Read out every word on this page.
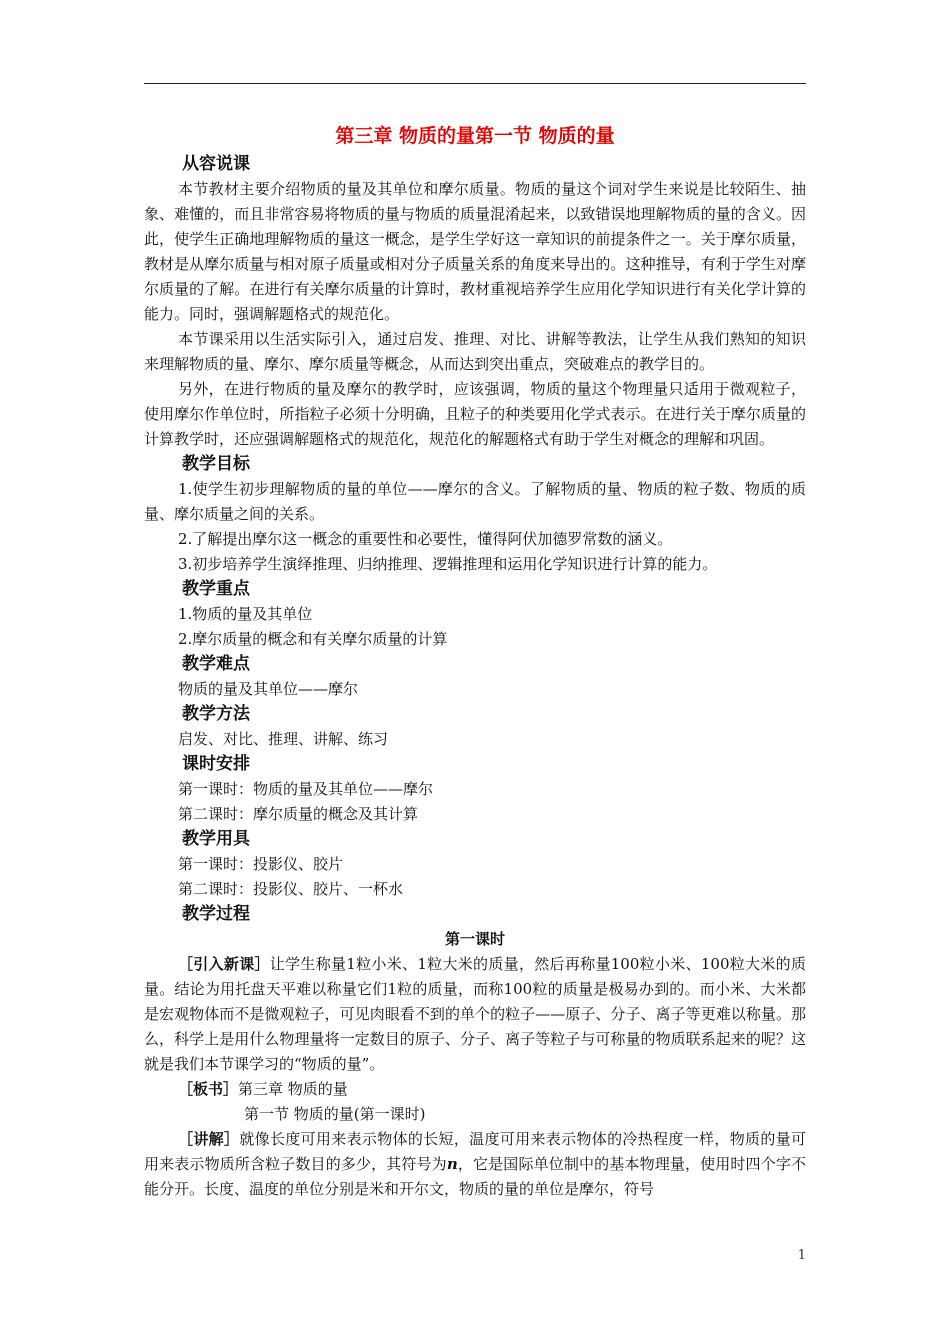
第三章 物质的量第一节 物质的量

从容说课

本节教材主要介绍物质的量及其单位和摩尔质量。物质的量这个词对学生来说是比较陌生、抽象、难懂的，而且非常容易将物质的量与物质的质量混淆起来，以致错误地理解物质的量的含义。因此，使学生正确地理解物质的量这一概念，是学生学好这一章知识的前提条件之一。关于摩尔质量，教材是从摩尔质量与相对原子质量或相对分子质量关系的角度来导出的。这种推导，有利于学生对摩尔质量的了解。在进行有关摩尔质量的计算时，教材重视培养学生应用化学知识进行有关化学计算的能力。同时，强调解题格式的规范化。

本节课采用以生活实际引入，通过启发、推理、对比、讲解等教法，让学生从我们熟知的知识来理解物质的量、摩尔、摩尔质量等概念，从而达到突出重点，突破难点的教学目的。

另外，在进行物质的量及摩尔的教学时，应该强调，物质的量这个物理量只适用于微观粒子，使用摩尔作单位时，所指粒子必须十分明确，且粒子的种类要用化学式表示。在进行关于摩尔质量的计算教学时，还应强调解题格式的规范化，规范化的解题格式有助于学生对概念的理解和巩固。

教学目标

1.使学生初步理解物质的量的单位——摩尔的含义。了解物质的量、物质的粒子数、物质的质量、摩尔质量之间的关系。

2.了解提出摩尔这一概念的重要性和必要性，懂得阿伏加德罗常数的涵义。

3.初步培养学生演绎推理、归纳推理、逻辑推理和运用化学知识进行计算的能力。

教学重点

1.物质的量及其单位

2.摩尔质量的概念和有关摩尔质量的计算

教学难点

物质的量及其单位——摩尔

教学方法

启发、对比、推理、讲解、练习

课时安排

第一课时：物质的量及其单位——摩尔

第二课时：摩尔质量的概念及其计算

教学用具

第一课时：投影仪、胶片

第二课时：投影仪、胶片、一杯水

教学过程

第一课时

［引入新课］让学生称量1粒小米、1粒大米的质量，然后再称量100粒小米、100粒大米的质量。结论为用托盘天平难以称量它们1粒的质量，而称100粒的质量是极易办到的。而小米、大米都是宏观物体而不是微观粒子，可见肉眼看不到的单个的粒子——原子、分子、离子等更难以称量。那么，科学上是用什么物理量将一定数目的原子、分子、离子等粒子与可称量的物质联系起来的呢？这就是我们本节课学习的“物质的量”。

［板书］第三章 物质的量

第一节 物质的量(第一课时)

［讲解］就像长度可用来表示物体的长短，温度可用来表示物体的冷热程度一样，物质的量可用来表示物质所含粒子数目的多少，其符号为n，它是国际单位制中的基本物理量，使用时四个字不能分开。长度、温度的单位分别是米和开尔文，物质的量的单位是摩尔，符号

1
